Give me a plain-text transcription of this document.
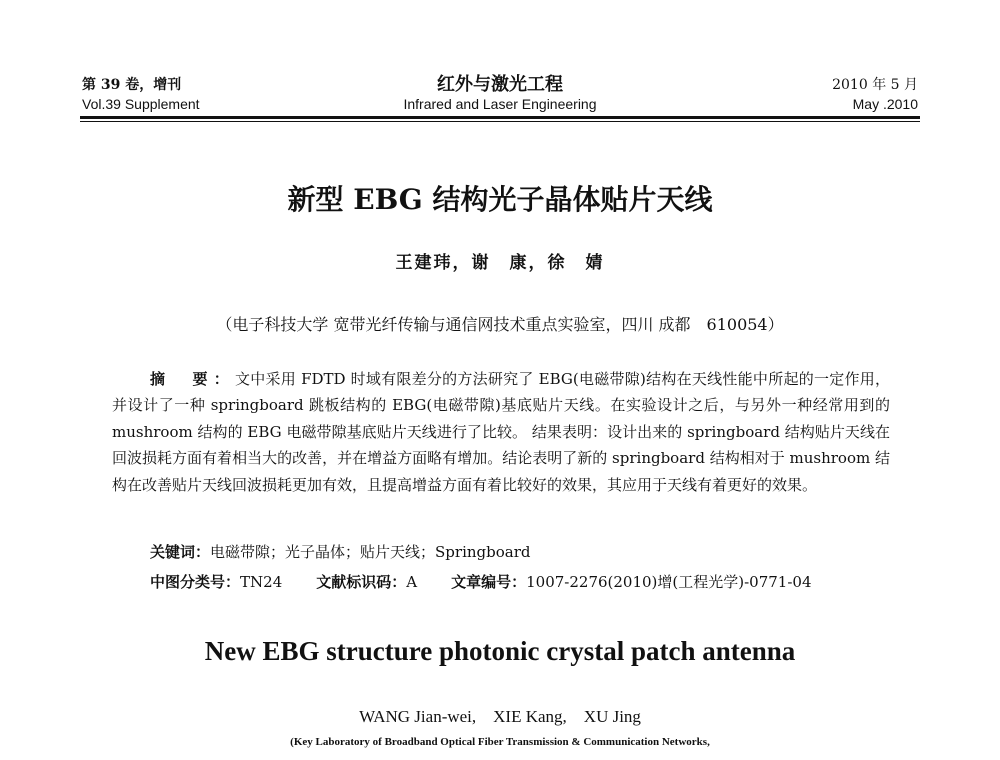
第 39 卷，增刊
Vol.39 Supplement
红外与激光工程
Infrared and Laser Engineering
2010 年 5 月
May .2010
新型 EBG 结构光子晶体贴片天线
王建玮，谢　康，徐　婧
（电子科技大学 宽带光纤传输与通信网技术重点实验室，四川 成都　610054）
摘　要：文中采用 FDTD 时域有限差分的方法研究了 EBG(电磁带隙)结构在天线性能中所起的一定作用，并设计了一种 springboard 跳板结构的 EBG(电磁带隙)基底贴片天线。在实验设计之后，与另外一种经常用到的 mushroom 结构的 EBG 电磁带隙基底贴片天线进行了比较。 结果表明：设计出来的 springboard 结构贴片天线在回波损耗方面有着相当大的改善，并在增益方面略有增加。结论表明了新的 springboard 结构相对于 mushroom 结构在改善贴片天线回波损耗更加有效，且提高增益方面有着比较好的效果，其应用于天线有着更好的效果。
关键词：电磁带隙；光子晶体；贴片天线；Springboard
中图分类号：TN24 文献标识码：A 文章编号：1007-2276(2010)增(工程光学)-0771-04
New EBG structure photonic crystal patch antenna
WANG Jian-wei,　XIE Kang,　XU Jing
(Key Laboratory of Broadband Optical Fiber Transmission & Communication Networks,
